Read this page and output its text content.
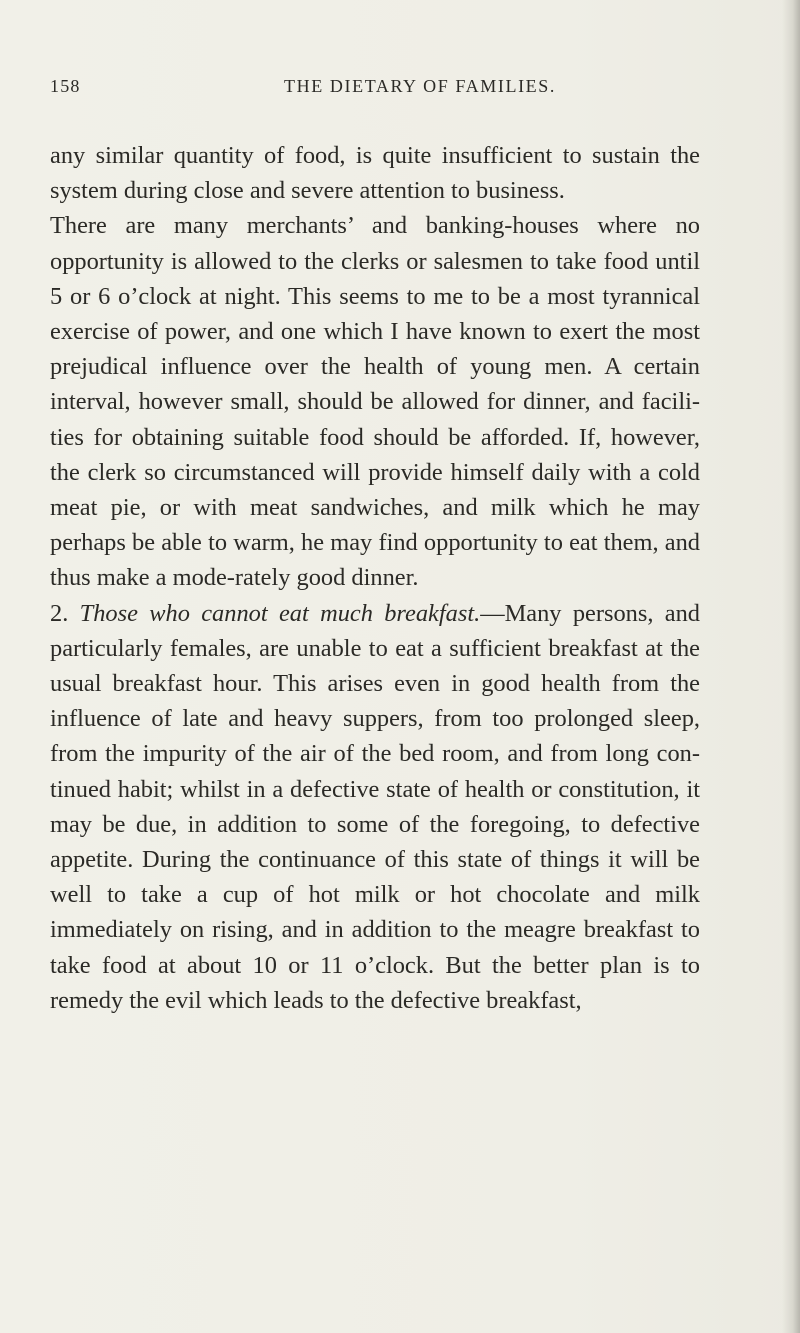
158	THE DIETARY OF FAMILIES.

any similar quantity of food, is quite insufficient to sustain the system during close and severe attention to business.

There are many merchants’ and banking-houses where no opportunity is allowed to the clerks or salesmen to take food until 5 or 6 o’clock at night. This seems to me to be a most tyrannical exercise of power, and one which I have known to exert the most prejudical influence over the health of young men. A certain interval, however small, should be allowed for dinner, and facili-ties for obtaining suitable food should be afforded. If, however, the clerk so circumstanced will provide himself daily with a cold meat pie, or with meat sandwiches, and milk which he may perhaps be able to warm, he may find opportunity to eat them, and thus make a mode-rately good dinner.

2. Those who cannot eat much breakfast.—Many persons, and particularly females, are unable to eat a sufficient breakfast at the usual breakfast hour. This arises even in good health from the influence of late and heavy suppers, from too prolonged sleep, from the impurity of the air of the bed room, and from long con-tinued habit; whilst in a defective state of health or constitution, it may be due, in addition to some of the foregoing, to defective appetite. During the continuance of this state of things it will be well to take a cup of hot milk or hot chocolate and milk immediately on rising, and in addition to the meagre breakfast to take food at about 10 or 11 o’clock. But the better plan is to remedy the evil which leads to the defective breakfast,
